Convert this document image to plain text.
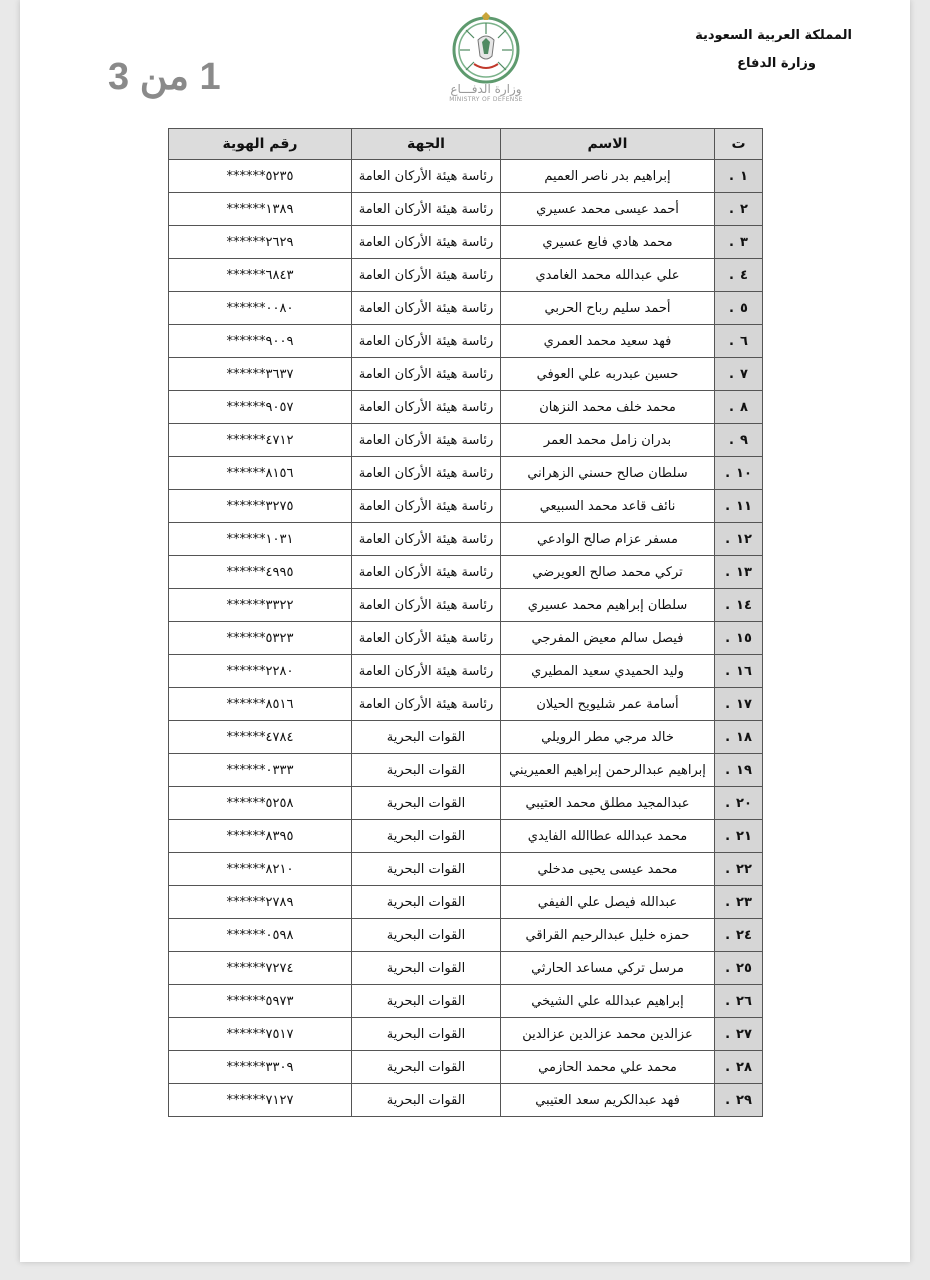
1 من 3	وزارة الدفـــاع
MINISTRY OF DEFENSE
المملكة العربية السعودية
وزارة الدفاع
ت	الاسم	الجهة	رقم الهوية
١.	إبراهيم بدر ناصر العميم	رئاسة هيئة الأركان العامة	******٥٢٣٥
٢.	أحمد عيسى محمد عسيري	رئاسة هيئة الأركان العامة	******١٣٨٩
٣.	محمد هادي فايع عسيري	رئاسة هيئة الأركان العامة	******٢٦٢٩
٤.	علي عبدالله محمد الغامدي	رئاسة هيئة الأركان العامة	******٦٨٤٣
٥.	أحمد سليم رباح الحربي	رئاسة هيئة الأركان العامة	******٠٠٨٠
٦.	فهد سعيد محمد العمري	رئاسة هيئة الأركان العامة	******٩٠٠٩
٧.	حسين عبدربه علي العوفي	رئاسة هيئة الأركان العامة	******٣٦٣٧
٨.	محمد خلف محمد النزهان	رئاسة هيئة الأركان العامة	******٩٠٥٧
٩.	بدران زامل محمد العمر	رئاسة هيئة الأركان العامة	******٤٧١٢
١٠.	سلطان صالح حسني الزهراني	رئاسة هيئة الأركان العامة	******٨١٥٦
١١.	نائف قاعد محمد السبيعي	رئاسة هيئة الأركان العامة	******٣٢٧٥
١٢.	مسفر عزام صالح الوادعي	رئاسة هيئة الأركان العامة	******١٠٣١
١٣.	تركي محمد صالح العويرضي	رئاسة هيئة الأركان العامة	******٤٩٩٥
١٤.	سلطان إبراهيم محمد عسيري	رئاسة هيئة الأركان العامة	******٣٣٢٢
١٥.	فيصل سالم معيض المفرجي	رئاسة هيئة الأركان العامة	******٥٣٢٣
١٦.	وليد الحميدي سعيد المطيري	رئاسة هيئة الأركان العامة	******٢٢٨٠
١٧.	أسامة عمر شليويح الحيلان	رئاسة هيئة الأركان العامة	******٨٥١٦
١٨.	خالد مرجي مطر الرويلي	القوات البحرية	******٤٧٨٤
١٩.	إبراهيم عبدالرحمن إبراهيم العميريني	القوات البحرية	******٠٣٣٣
٢٠.	عبدالمجيد مطلق محمد العتيبي	القوات البحرية	******٥٢٥٨
٢١.	محمد عبدالله عطاالله الفايدي	القوات البحرية	******٨٣٩٥
٢٢.	محمد عيسى يحيى مدخلي	القوات البحرية	******٨٢١٠
٢٣.	عبدالله فيصل علي الفيفي	القوات البحرية	******٢٧٨٩
٢٤.	حمزه خليل عبدالرحيم القراقي	القوات البحرية	******٠٥٩٨
٢٥.	مرسل تركي مساعد الحارثي	القوات البحرية	******٧٢٧٤
٢٦.	إبراهيم عبدالله علي الشيخي	القوات البحرية	******٥٩٧٣
٢٧.	عزالدين محمد عزالدين عزالدين	القوات البحرية	******٧٥١٧
٢٨.	محمد علي محمد الحازمي	القوات البحرية	******٣٣٠٩
٢٩.	فهد عبدالكريم سعد العتيبي	القوات البحرية	******٧١٢٧
